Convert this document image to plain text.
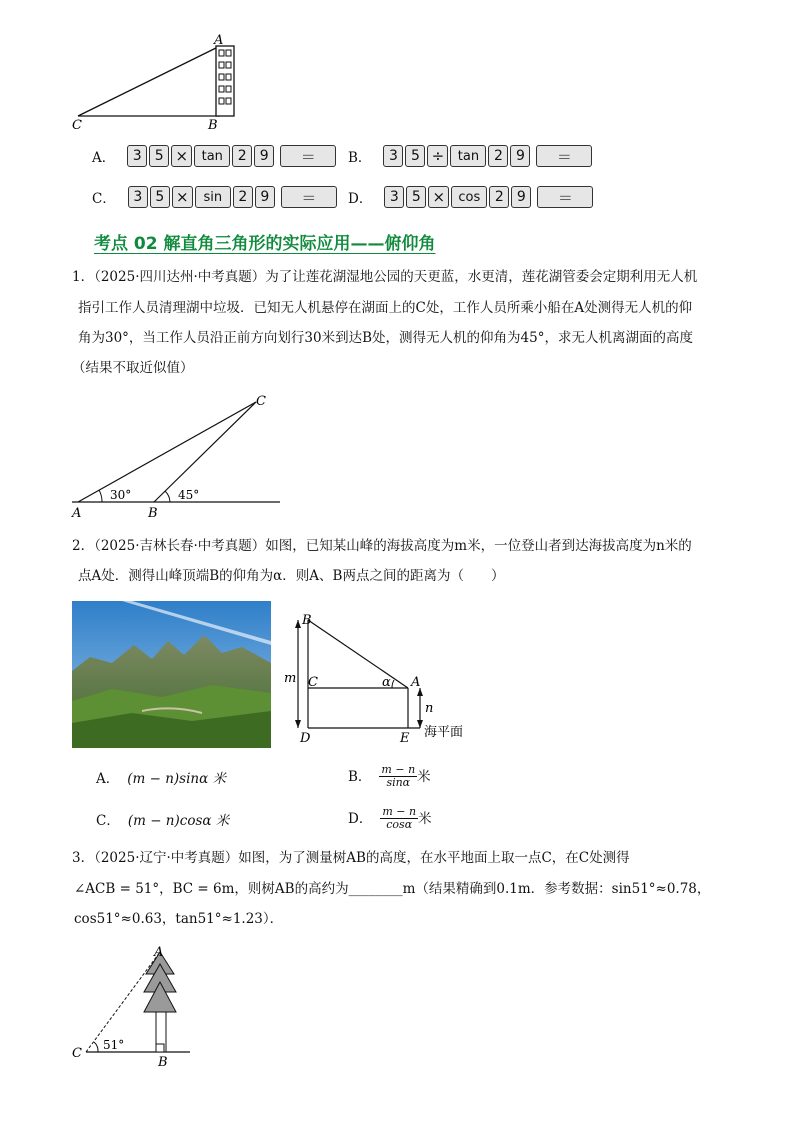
A
B
C
A．	3 5 ×	tan	2 9	＝	B．	3 5 ÷	tan	2 9	＝
C．	3 5 ×	sin	2 9	＝	D．	3 5 ×	cos	2 9	＝
考点 02 解直角三角形的实际应用——俯仰角
1．（2025·四川达州·中考真题）为了让莲花湖湿地公园的天更蓝，水更清，莲花湖管委会定期利用无人机
指引工作人员清理湖中垃圾．已知无人机悬停在湖面上的C处，工作人员所乘小船在A处测得无人机的仰
角为30°，当工作人员沿正前方向划行30米到达B处，测得无人机的仰角为45°，求无人机离湖面的高度
（结果不取近似值）
30°	45°
A	B
C
2．（2025·吉林长春·中考真题）如图，已知某山峰的海拔高度为m米，一位登山者到达海拔高度为n米的
点A处．测得山峰顶端B的仰角为α．则A、B两点之间的距离为（　　）
B
m C	α A
n
D	E 海平面
A． (m − n)sinα 米	B． $\frac{m - n}{\sin\alpha}$ 米
C． (m − n)cosα 米	D． $\frac{m - n}{\cos\alpha}$ 米
3．（2025·辽宁·中考真题）如图，为了测量树AB的高度，在水平地面上取一点C，在C处测得
∠ACB = 51°，BC = 6m，则树AB的高约为________m（结果精确到0.1m．参考数据：sin51°≈0.78，
cos51°≈0.63，tan51°≈1.23）．
51°
A
B
C
